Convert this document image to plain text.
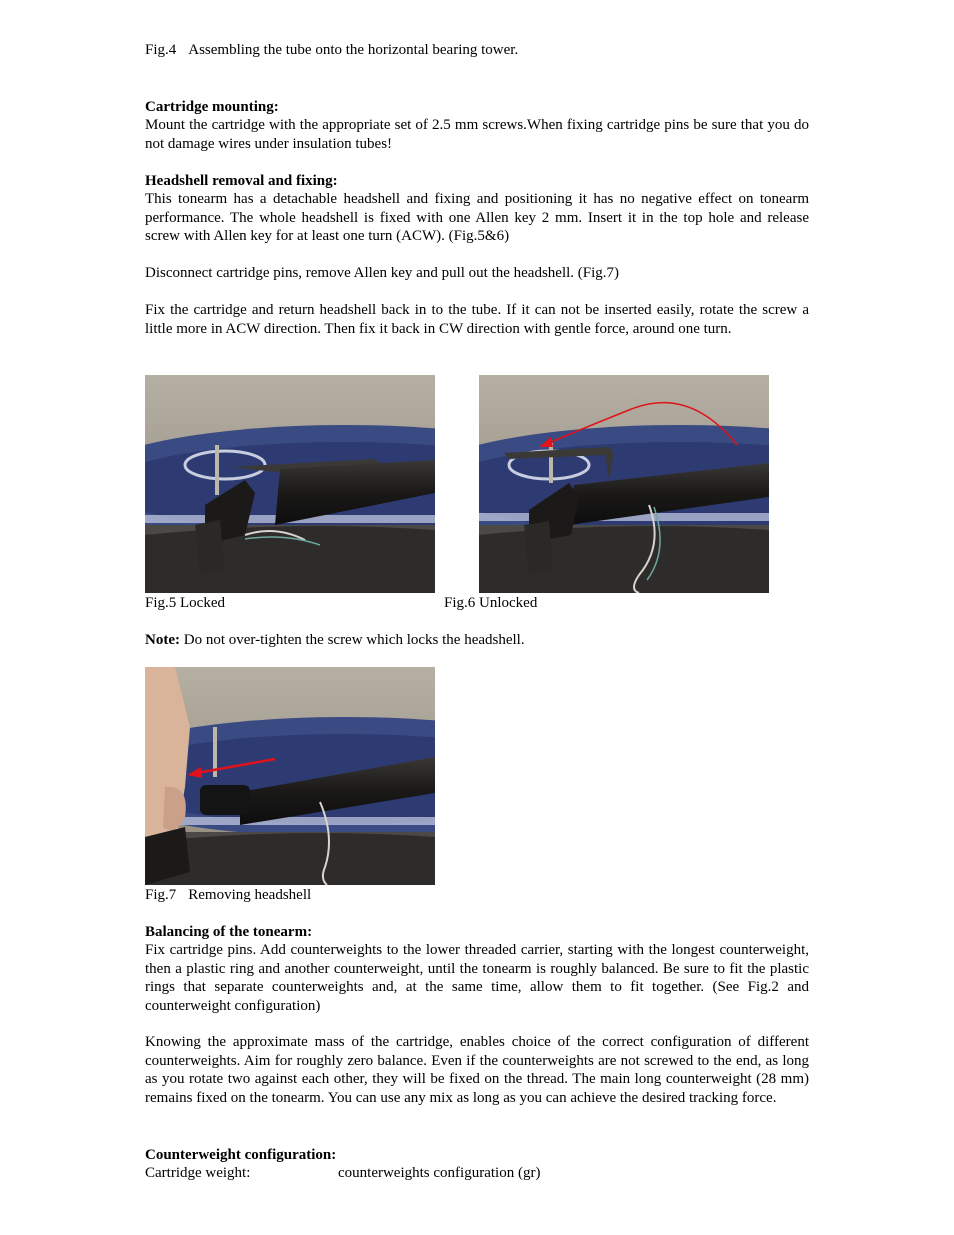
Fig.4 Assembling the tube onto the horizontal bearing tower.

Cartridge mounting:

Mount the cartridge with the appropriate set of 2.5 mm screws.When fixing cartridge pins be sure that you do not damage wires under insulation tubes!

Headshell removal and fixing:

This tonearm has a detachable headshell and fixing and positioning it has no negative effect on tonearm performance. The whole headshell is fixed with one Allen key 2 mm. Insert it in the top hole and release screw with Allen key for at least one turn (ACW). (Fig.5&6)

Disconnect cartridge pins, remove Allen key and pull out the headshell. (Fig.7)

Fix the cartridge and return headshell back in to the tube. If it can not be inserted easily, rotate the screw a little more in ACW direction. Then fix it back in CW direction with gentle force, around one turn.

Fig.5 Locked	Fig.6 Unlocked

Note: Do not over-tighten the screw which locks the headshell.

Fig.7 Removing headshell

Balancing of the tonearm:

Fix cartridge pins. Add counterweights to the lower threaded carrier, starting with the longest counterweight, then a plastic ring and another counterweight, until the tonearm is roughly balanced. Be sure to fit the plastic rings that separate counterweights and, at the same time, allow them to fit together. (See Fig.2 and counterweight configuration)

Knowing the approximate mass of the cartridge, enables choice of the correct configuration of different counterweights. Aim for roughly zero balance. Even if the counterweights are not screwed to the end, as long as you rotate two against each other, they will be fixed on the thread. The main long counterweight (28 mm) remains fixed on the tonearm. You can use any mix as long as you can achieve the desired tracking force.

Counterweight configuration:

Cartridge weight:	counterweights configuration (gr)
